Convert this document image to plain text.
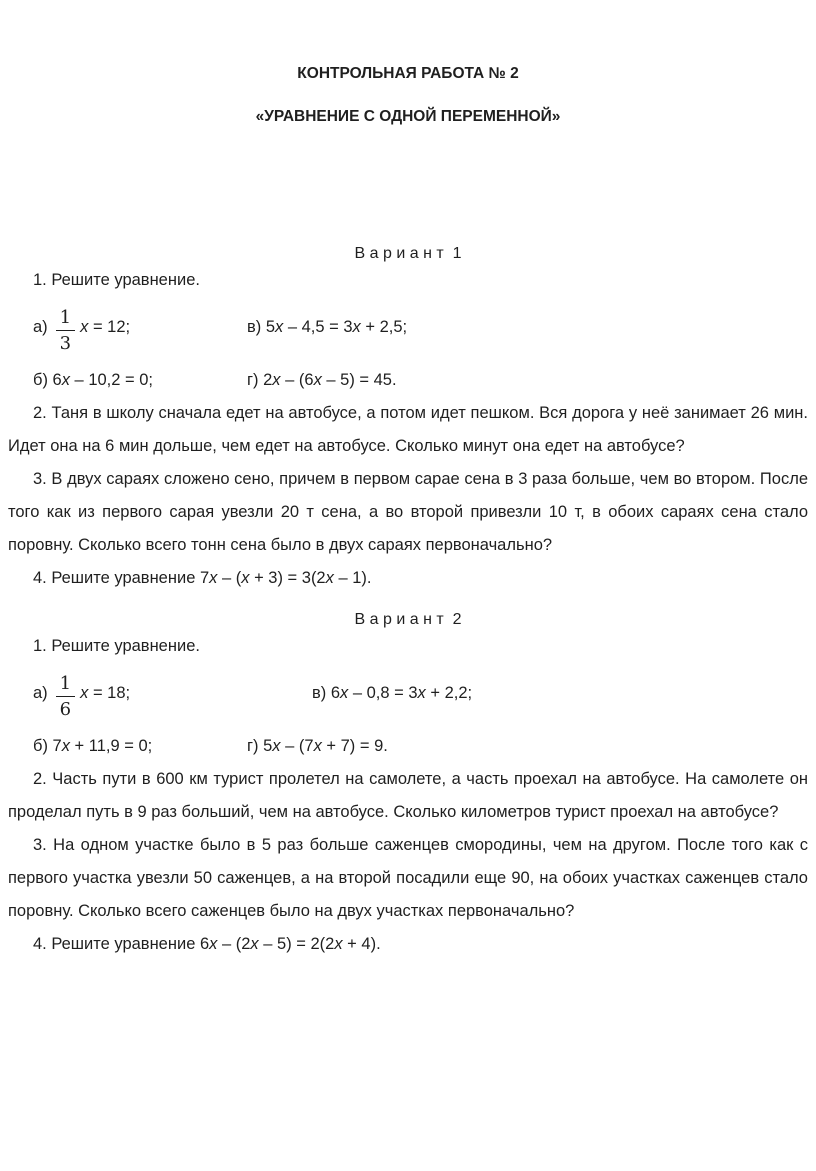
КОНТРОЛЬНАЯ РАБОТА № 2
«УРАВНЕНИЕ С ОДНОЙ ПЕРЕМЕННОЙ»
В а р и а н т  1

1. Решите уравнение.

$а) \frac{1}{3}$ x = 12;	в) 5x – 4,5 = 3x + 2,5;
б) 6x – 10,2 = 0;	г) 2x – (6x – 5) = 45.

2. Таня в школу сначала едет на автобусе, а потом идет пешком. Вся дорога у неё занимает 26 мин. Идет она на 6 мин дольше, чем едет на автобусе. Сколько минут она едет на автобусе?

3. В двух сараях сложено сено, причем в первом сарае сена в 3 раза больше, чем во втором. После того как из первого сарая увезли 20 т сена, а во второй привезли 10 т, в обоих сараях сена стало поровну. Сколько всего тонн сена было в двух сараях первоначально?

4. Решите уравнение 7x – (x + 3) = 3(2x – 1).

В а р и а н т  2

1. Решите уравнение.

$а) \frac{1}{6}$ x = 18;	в) 6x – 0,8 = 3x + 2,2;
б) 7x + 11,9 = 0;	г) 5x – (7x + 7) = 9.

2. Часть пути в 600 км турист пролетел на самолете, а часть проехал на автобусе. На самолете он проделал путь в 9 раз больший, чем на автобусе. Сколько километров турист проехал на автобусе?

3. На одном участке было в 5 раз больше саженцев смородины, чем на другом. После того как с первого участка увезли 50 саженцев, а на второй посадили еще 90, на обоих участках саженцев стало поровну. Сколько всего саженцев было на двух участках первоначально?

4. Решите уравнение 6x – (2x – 5) = 2(2x + 4).
